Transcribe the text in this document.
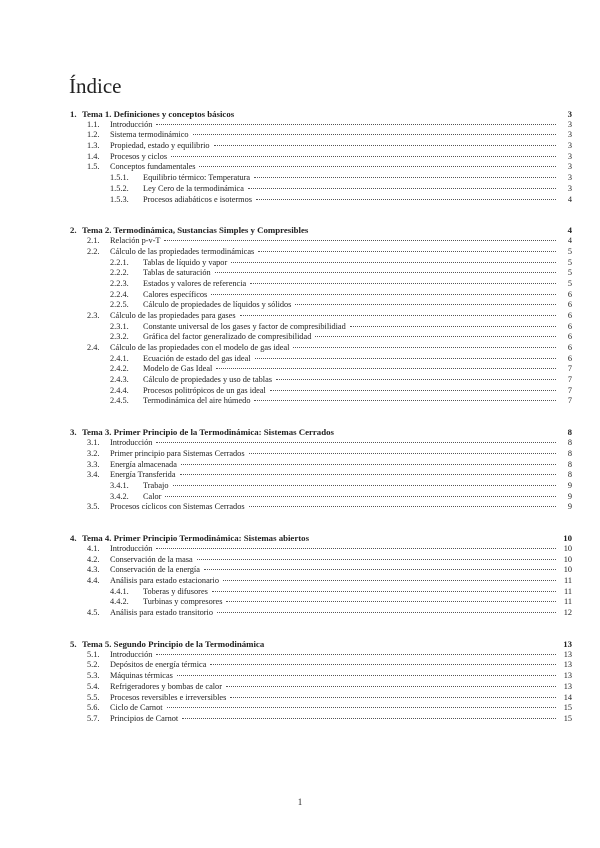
Índice
1. Tema 1. Definiciones y conceptos básicos	3
1.1.	Introducción	3
1.2.	Sistema termodinámico	3
1.3.	Propiedad, estado y equilibrio	3
1.4.	Procesos y ciclos	3
1.5.	Conceptos fundamentales	3
1.5.1.	Equilibrio térmico: Temperatura	3
1.5.2.	Ley Cero de la termodinámica	3
1.5.3.	Procesos adiabáticos e isotermos	4
2. Tema 2. Termodinámica, Sustancias Simples y Compresibles	4
2.1.	Relación p-v-T	4
2.2.	Cálculo de las propiedades termodinámicas	5
2.2.1.	Tablas de líquido y vapor	5
2.2.2.	Tablas de saturación	5
2.2.3.	Estados y valores de referencia	5
2.2.4.	Calores específicos	6
2.2.5.	Cálculo de propiedades de líquidos y sólidos	6
2.3.	Cálculo de las propiedades para gases	6
2.3.1.	Constante universal de los gases y factor de compresibilidiad	6
2.3.2.	Gráfica del factor generalizado de compresibilidad	6
2.4.	Cálculo de las propiedades con el modelo de gas ideal	6
2.4.1.	Ecuación de estado del gas ideal	6
2.4.2.	Modelo de Gas Ideal	7
2.4.3.	Cálculo de propiedades y uso de tablas	7
2.4.4.	Procesos politrópicos de un gas ideal	7
2.4.5.	Termodinámica del aire húmedo	7
3. Tema 3. Primer Principio de la Termodinámica: Sistemas Cerrados	8
3.1.	Introducción	8
3.2.	Primer principio para Sistemas Cerrados	8
3.3.	Energía almacenada	8
3.4.	Energía Transferida	8
3.4.1.	Trabajo	9
3.4.2.	Calor	9
3.5.	Procesos cíclicos con Sistemas Cerrados	9
4. Tema 4. Primer Principio Termodinámica: Sistemas abiertos	10
4.1.	Introducción	10
4.2.	Conservación de la masa	10
4.3.	Conservación de la energía	10
4.4.	Análisis para estado estacionario	11
4.4.1.	Toberas y difusores	11
4.4.2.	Turbinas y compresores	11
4.5.	Análisis para estado transitorio	12
5. Tema 5. Segundo Principio de la Termodinámica	13
5.1.	Introducción	13
5.2.	Depósitos de energía térmica	13
5.3.	Máquinas térmicas	13
5.4.	Refrigeradores y bombas de calor	13
5.5.	Procesos reversibles e irreversibles	14
5.6.	Ciclo de Carnot	15
5.7.	Principios de Carnot	15
1
